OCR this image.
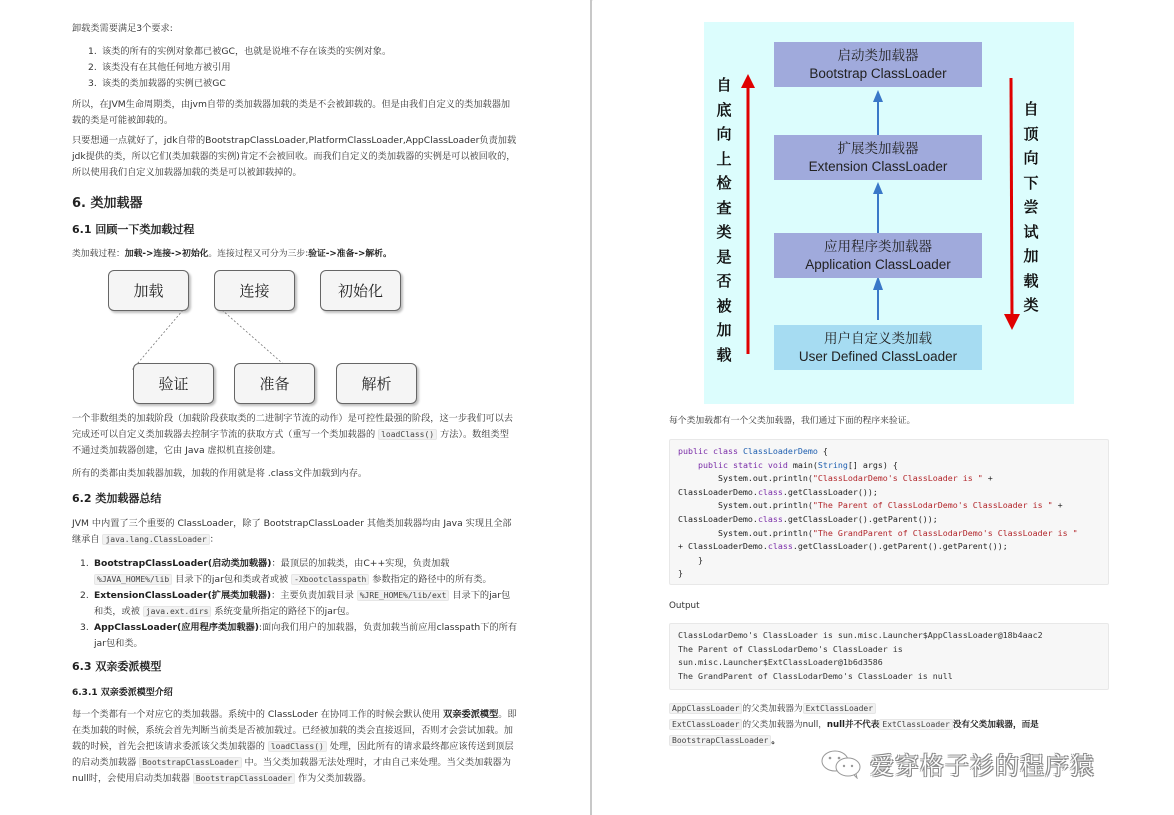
卸载类需要满足3个要求:
1. 该类的所有的实例对象都已被GC，也就是说堆不存在该类的实例对象。
2. 该类没有在其他任何地方被引用
3. 该类的类加载器的实例已被GC
所以，在JVM生命周期类，由jvm自带的类加载器加载的类是不会被卸载的。但是由我们自定义的类加载器加载的类是可能被卸载的。
只要想通一点就好了，jdk自带的BootstrapClassLoader,PlatformClassLoader,AppClassLoader负责加载jdk提供的类，所以它们(类加载器的实例)肯定不会被回收。而我们自定义的类加载器的实例是可以被回收的，所以使用我们自定义加载器加载的类是可以被卸载掉的。
6. 类加载器
6.1 回顾一下类加载过程
类加载过程：加载->连接->初始化。连接过程又可分为三步:验证->准备->解析。
加载	连接	初始化
验证	准备	解析
一个非数组类的加载阶段（加载阶段获取类的二进制字节流的动作）是可控性最强的阶段，这一步我们可以去完成还可以自定义类加载器去控制字节流的获取方式（重写一个类加载器的 loadClass() 方法）。数组类型不通过类加载器创建，它由 Java 虚拟机直接创建。
所有的类都由类加载器加载，加载的作用就是将 .class文件加载到内存。
6.2 类加载器总结
JVM 中内置了三个重要的 ClassLoader，除了 BootstrapClassLoader 其他类加载器均由 Java 实现且全部继承自 java.lang.ClassLoader ：
1. BootstrapClassLoader(启动类加载器)：最顶层的加载类，由C++实现，负责加载 %JAVA_HOME%/lib 目录下的jar包和类或者或被 -Xbootclasspath 参数指定的路径中的所有类。
2. ExtensionClassLoader(扩展类加载器)：主要负责加载目录 %JRE_HOME%/lib/ext 目录下的jar包和类，或被 java.ext.dirs 系统变量所指定的路径下的jar包。
3. AppClassLoader(应用程序类加载器):面向我们用户的加载器，负责加载当前应用classpath下的所有jar包和类。
6.3 双亲委派模型
6.3.1 双亲委派模型介绍
每一个类都有一个对应它的类加载器。系统中的 ClassLoder 在协同工作的时候会默认使用 双亲委派模型。即在类加载的时候，系统会首先判断当前类是否被加载过。已经被加载的类会直接返回，否则才会尝试加载。加载的时候，首先会把该请求委派该父类加载器的 loadClass() 处理，因此所有的请求最终都应该传送到顶层的启动类加载器 BootstrapClassLoader 中。当父类加载器无法处理时，才由自己来处理。当父类加载器为null时，会使用启动类加载器 BootstrapClassLoader 作为父类加载器。
启动类加载器
Bootstrap ClassLoader
扩展类加载器
Extension ClassLoader
应用程序类加载器
Application ClassLoader
用户自定义类加载
User Defined ClassLoader
自
底
向
上
检
查
类
是
否
被
加
载
自
顶
向
下
尝
试
加
载
类
每个类加载都有一个父类加载器，我们通过下面的程序来验证。
public class ClassLoaderDemo {
public static void main(String[] args) {
System.out.println("ClassLodarDemo's ClassLoader is " +
ClassLoaderDemo.class.getClassLoader());
System.out.println("The Parent of ClassLodarDemo's ClassLoader is " +
ClassLoaderDemo.class.getClassLoader().getParent());
System.out.println("The GrandParent of ClassLodarDemo's ClassLoader is "
+ ClassLoaderDemo.class.getClassLoader().getParent().getParent());
}
}
Output
ClassLodarDemo's ClassLoader is sun.misc.Launcher$AppClassLoader@18b4aac2
The Parent of ClassLodarDemo's ClassLoader is
sun.misc.Launcher$ExtClassLoader@1b6d3586
The GrandParent of ClassLodarDemo's ClassLoader is null
AppClassLoader 的父类加载器为 ExtClassLoader
ExtClassLoader 的父类加载器为null，null并不代表 ExtClassLoader 没有父类加载器，而是
BootstrapClassLoader 。
爱穿格子衫的程序猿
